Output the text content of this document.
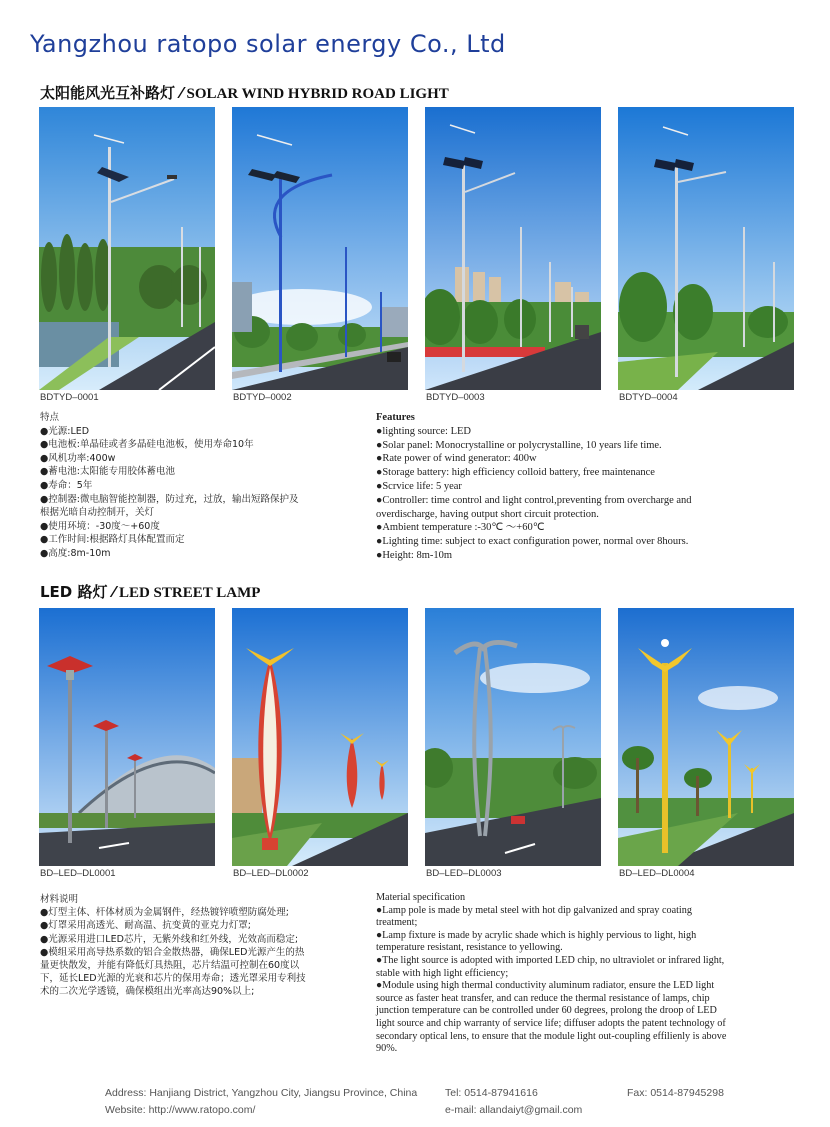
Yangzhou ratopo solar energy Co., Ltd
太阳能风光互补路灯 ⁄ SOLAR WIND HYBRID ROAD LIGHT
BDTYD–0001	BDTYD–0002	BDTYD–0003	BDTYD–0004

特点

●光源:LED

●电池板:单晶硅或者多晶硅电池板，使用寿命10年

●风机功率:400w

●蓄电池:太阳能专用胶体蓄电池

●寿命：5年

●控制器:微电脑智能控制器，防过充，过放，输出短路保护及

根据光暗自动控制开，关灯

●使用环境：-30度～+60度

●工作时间:根据路灯具体配置而定

●高度:8m-10m

Features

●lighting source: LED

●Solar panel: Monocrystalline or polycrystalline, 10 years life time.

●Rate power of wind generator: 400w

●Storage battery: high efficiency colloid battery, free maintenance

●Scrvice life: 5 year

●Controller: time control and light control,preventing from overcharge and overdischarge, having output short circuit protection.

●Ambient temperature :-30℃ ～+60℃

●Lighting time: subject to exact configuration power, normal over 8hours.

●Height: 8m-10m

LED 路灯 ⁄ LED STREET LAMP
BD–LED–DL0001	BD–LED–DL0002	BD–LED–DL0003	BD–LED–DL0004

材料说明

●灯型主体、杆体材质为金属钢件，经热镀锌喷塑防腐处理;

●灯罩采用高透光、耐高温、抗变黄的亚克力灯罩;

●光源采用进口LED芯片，无紫外线和红外线，光效高而稳定;

●模组采用高导热系数的铝合金散热器，确保LED光源产生的热

量更快散发，并能有降低灯具热阻，芯片结温可控制在60度以

下，延长LED光源的光衰和芯片的保用寿命；透光罩采用专利技

术的二次光学透镜，确保模组出光率高达90%以上;

Material specification

●Lamp pole is made by metal steel with hot dip galvanized and spray coating treatment;

●Lamp fixture is made by acrylic shade which is highly pervious to light, high temperature resistant, resistance to yellowing.

●The light source is adopted with imported LED chip, no ultraviolet or infrared light, stable with high light efficiency;

●Module using high thermal conductivity aluminum radiator, ensure the LED light source as faster heat transfer, and can reduce the thermal resistance of lamps, chip junction temperature can be controlled under 60 degrees, prolong the droop of LED light source and chip warranty of service life; diffuser adopts the patent technology of secondary optical lens, to ensure that the module light out-coupling effilienly is above 90%.

Address: Hanjiang District, Yangzhou City, Jiangsu Province, China	Tel: 0514-87941616	Fax: 0514-87945298
Website: http://www.ratopo.com/	e-mail: allandaiyt@gmail.com
